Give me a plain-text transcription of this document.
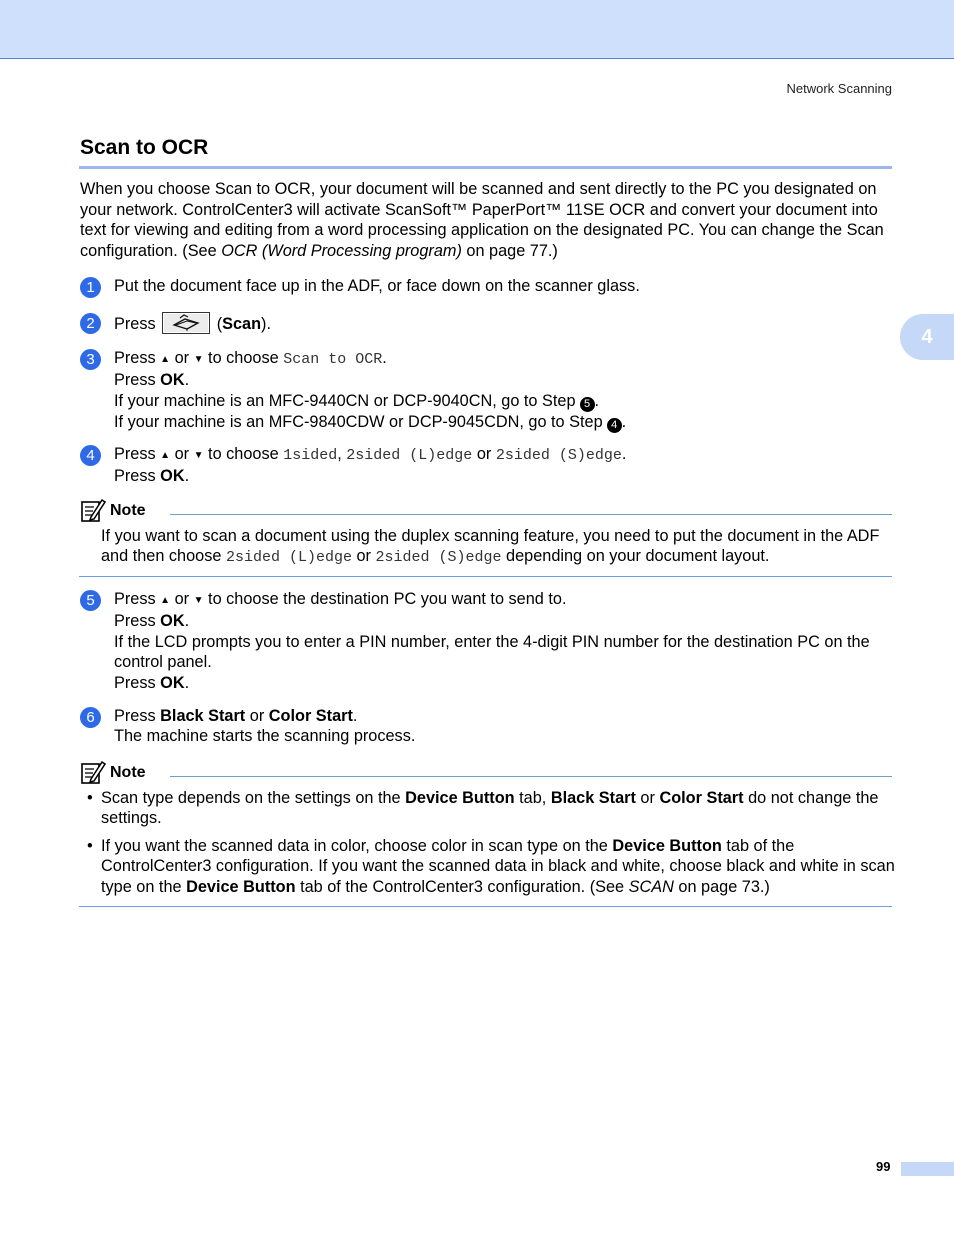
Network Scanning
4
Scan to OCR
When you choose Scan to OCR, your document will be scanned and sent directly to the PC you designated on your network. ControlCenter3 will activate ScanSoft™ PaperPort™ 11SE OCR and convert your document into text for viewing and editing from a word processing application on the designated PC. You can change the Scan configuration. (See OCR (Word Processing program) on page 77.)
1	Put the document face up in the ADF, or face down on the scanner glass.
2	Press	(Scan).
3	Press ▲ or ▼ to choose Scan to OCR.
Press OK.
If your machine is an MFC-9440CN or DCP-9040CN, go to Step 5 .
If your machine is an MFC-9840CDW or DCP-9045CDN, go to Step 4 .
4	Press ▲ or ▼ to choose 1sided, 2sided (L)edge or 2sided (S)edge.
Press OK.
Note
If you want to scan a document using the duplex scanning feature, you need to put the document in the ADF and then choose 2sided (L)edge or 2sided (S)edge depending on your document layout.
5	Press ▲ or ▼ to choose the destination PC you want to send to.
Press OK.
If the LCD prompts you to enter a PIN number, enter the 4-digit PIN number for the destination PC on the control panel.
Press OK.
6	Press Black Start or Color Start.
The machine starts the scanning process.
Note
• Scan type depends on the settings on the Device Button tab, Black Start or Color Start do not change the settings.
• If you want the scanned data in color, choose color in scan type on the Device Button tab of the ControlCenter3 configuration. If you want the scanned data in black and white, choose black and white in scan type on the Device Button tab of the ControlCenter3 configuration. (See SCAN on page 73.)
99
